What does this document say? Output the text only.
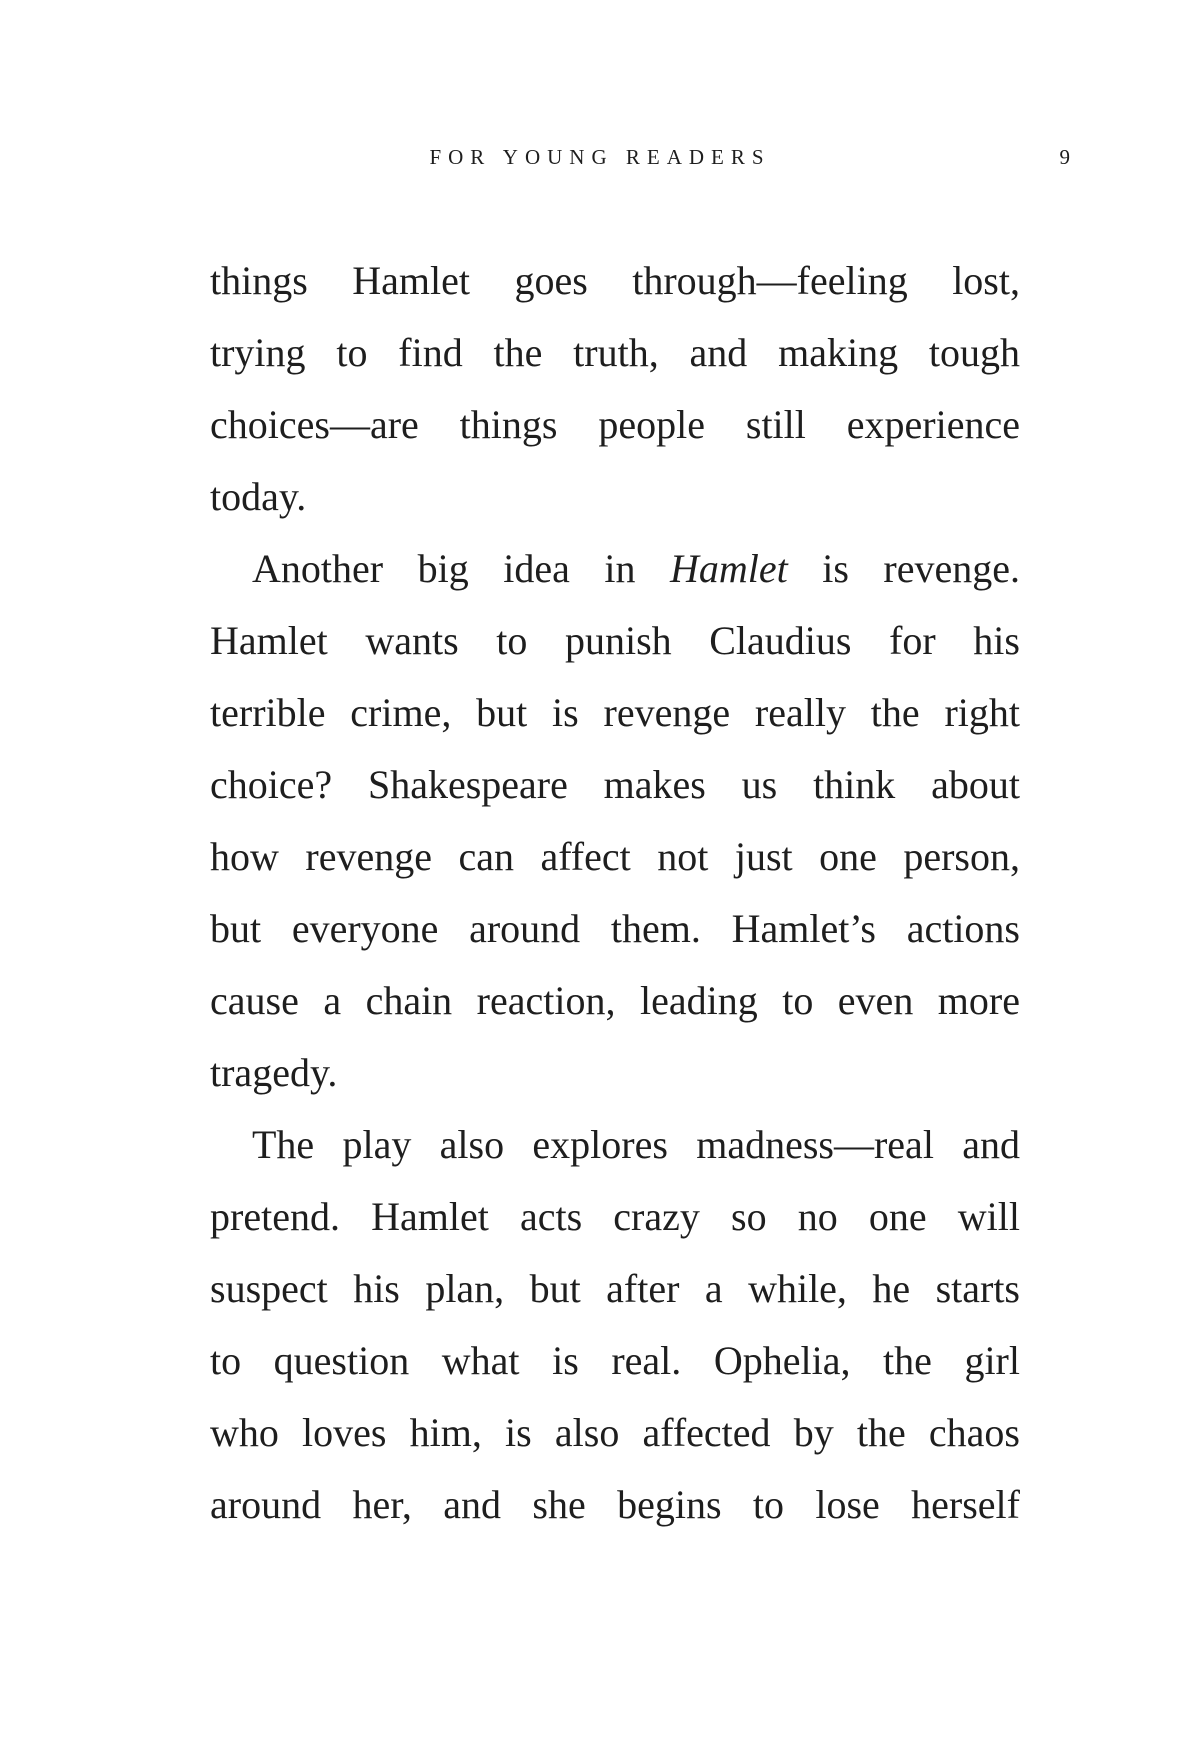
FOR YOUNG READERS	9
things Hamlet goes through—feeling lost,
trying to find the truth, and making tough
choices—are things people still experience
today.
Another big idea in Hamlet is revenge.
Hamlet wants to punish Claudius for his
terrible crime, but is revenge really the right
choice? Shakespeare makes us think about
how revenge can affect not just one person,
but everyone around them. Hamlet’s actions
cause a chain reaction, leading to even more
tragedy.
The play also explores madness—real and
pretend. Hamlet acts crazy so no one will
suspect his plan, but after a while, he starts
to question what is real. Ophelia, the girl
who loves him, is also affected by the chaos
around her, and she begins to lose herself
